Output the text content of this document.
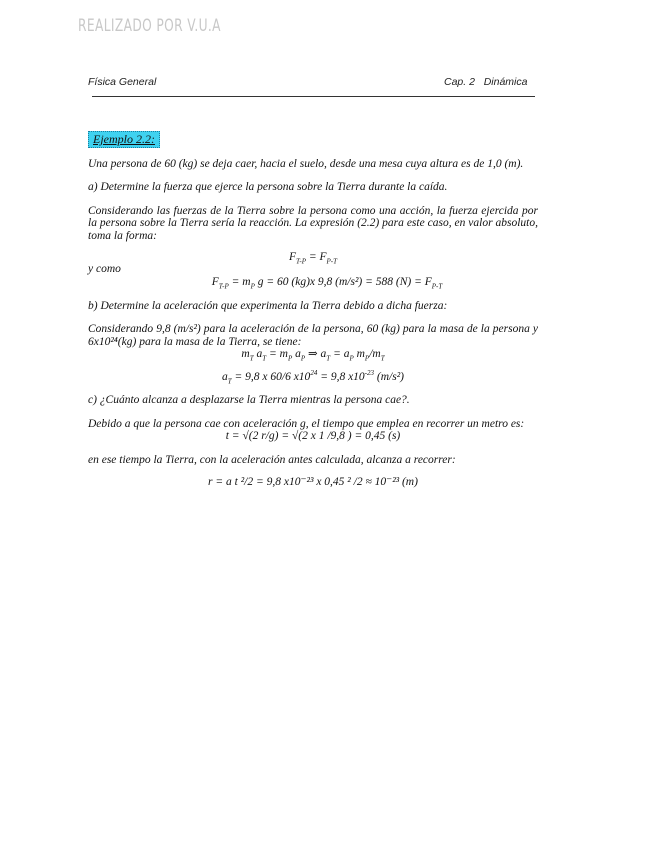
REALIZADO POR V.U.A
Física General	Cap. 2   Dinámica
Ejemplo 2.2:

Una persona de 60 (kg) se deja caer, hacia el suelo, desde una mesa cuya altura es de 1,0 (m).

a) Determine la fuerza que ejerce la persona sobre la Tierra durante la caída.

Considerando las fuerzas de la Tierra sobre la persona como una acción, la fuerza ejercida por la persona sobre la Tierra sería la reacción. La expresión (2.2) para este caso, en valor absoluto, toma la forma:

$F_{T-P} = F_{P-T}$
y como
$F_{T-P} = m_P$ g = 60 (kg)x 9,8 (m/s²) = 588 $(N) = F_{P-T}$

b) Determine la aceleración que experimenta la Tierra debido a dicha fuerza:

Considerando 9,8 (m/s²) para la aceleración de la persona, 60 (kg) para la masa de la persona y 6x10²⁴(kg) para la masa de la Tierra, se tiene:

$m_T$ $a_T = m_P$ $a_P$ ⇒ $a_T = a_P$ $m_P/m_T$
$a_T = 9,8$ x 60/6 $x10^{24} = 9,8$ $x10^{-23}$ (m/s²)

c) ¿Cuánto alcanza a desplazarse la Tierra mientras la persona cae?.

Debido a que la persona cae con aceleración g, el tiempo que emplea en recorrer un metro es:

t = √(2 r/g) = √(2 x 1 /9,8 ) = 0,45 (s)

en ese tiempo la Tierra, con la aceleración antes calculada, alcanza a recorrer:

r = a t ²/2 = 9,8 x10⁻²³ x 0,45 ² /2 ≈ 10⁻²³ (m)
